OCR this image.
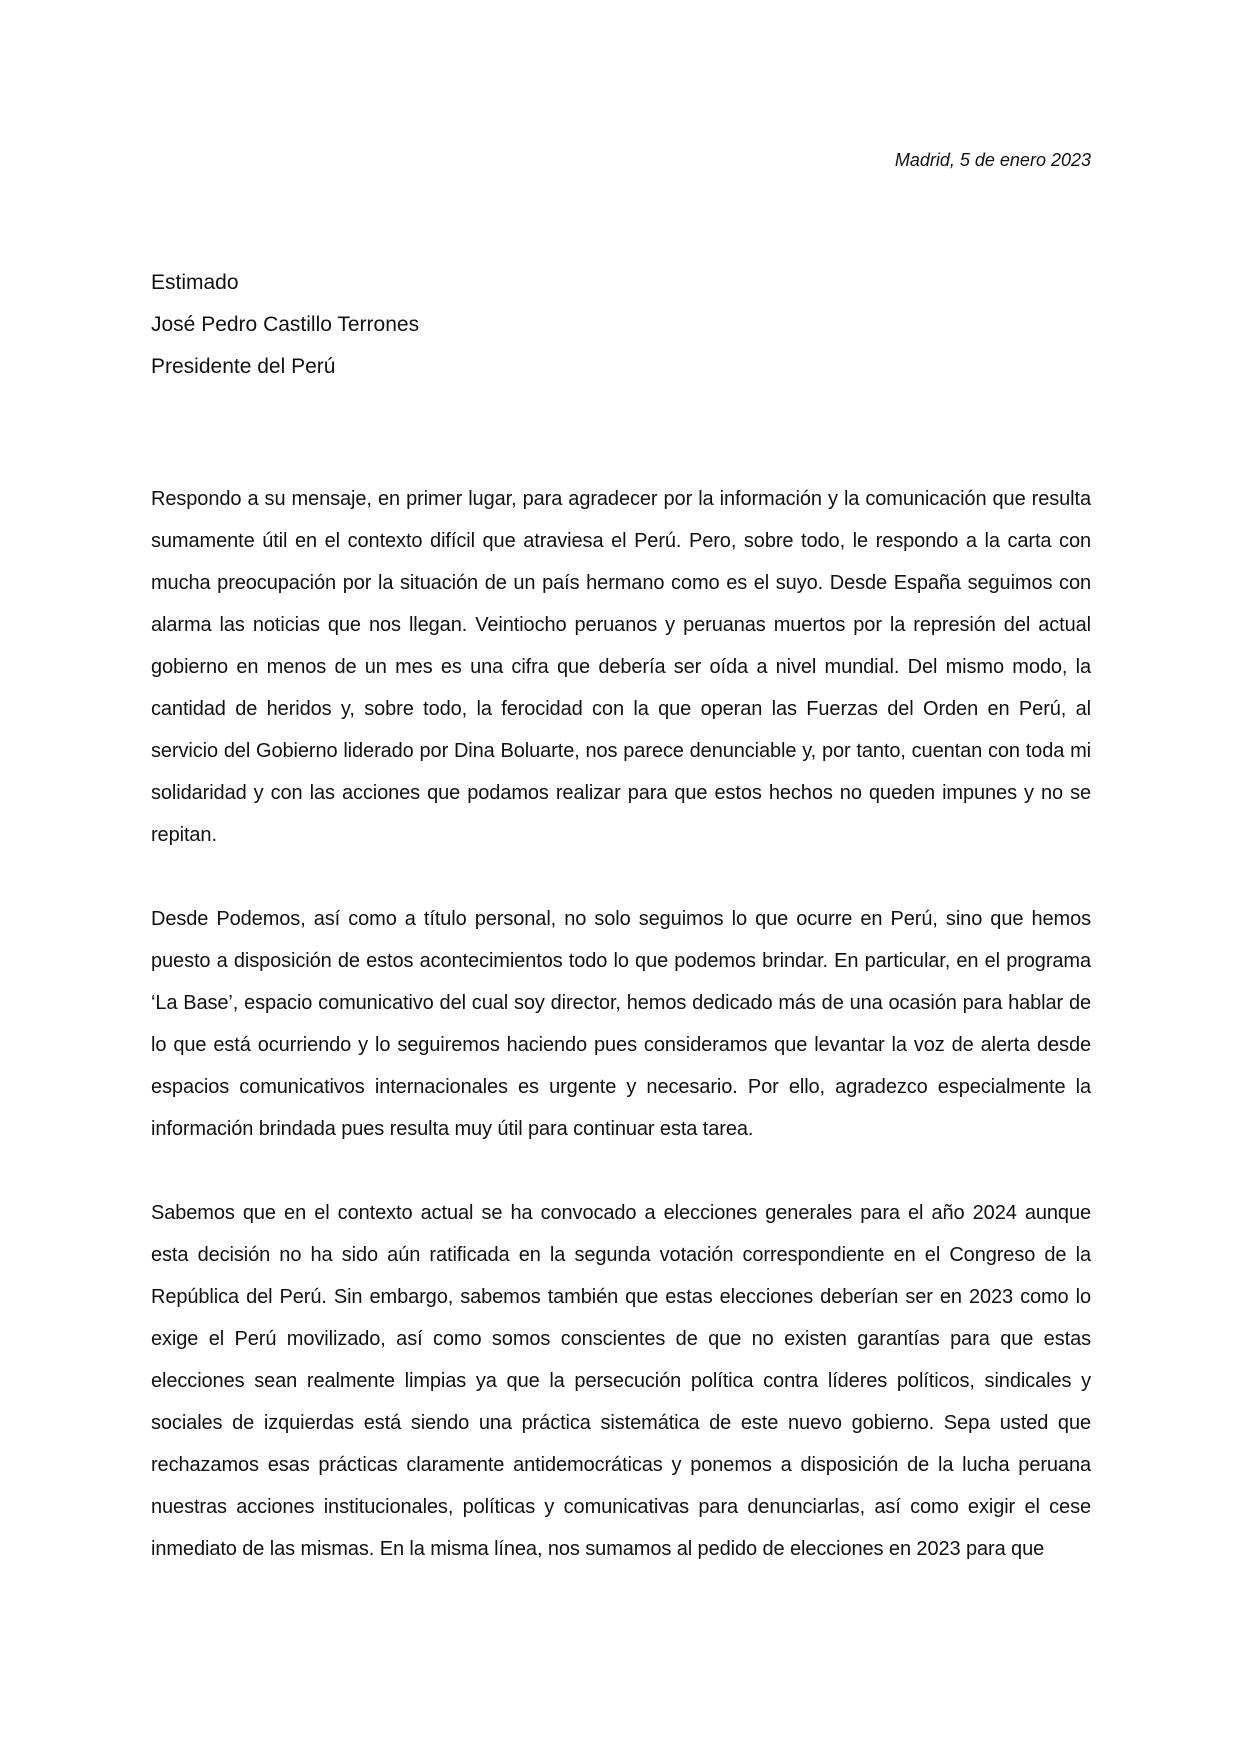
Madrid, 5 de enero 2023
Estimado
José Pedro Castillo Terrones
Presidente del Perú

Respondo a su mensaje, en primer lugar, para agradecer por la información y la comunicación que resulta sumamente útil en el contexto difícil que atraviesa el Perú. Pero, sobre todo, le respondo a la carta con mucha preocupación por la situación de un país hermano como es el suyo. Desde España seguimos con alarma las noticias que nos llegan. Veintiocho peruanos y peruanas muertos por la represión del actual gobierno en menos de un mes es una cifra que debería ser oída a nivel mundial. Del mismo modo, la cantidad de heridos y, sobre todo, la ferocidad con la que operan las Fuerzas del Orden en Perú, al servicio del Gobierno liderado por Dina Boluarte, nos parece denunciable y, por tanto, cuentan con toda mi solidaridad y con las acciones que podamos realizar para que estos hechos no queden impunes y no se repitan.

Desde Podemos, así como a título personal, no solo seguimos lo que ocurre en Perú, sino que hemos puesto a disposición de estos acontecimientos todo lo que podemos brindar. En particular, en el programa ‘La Base’, espacio comunicativo del cual soy director, hemos dedicado más de una ocasión para hablar de lo que está ocurriendo y lo seguiremos haciendo pues consideramos que levantar la voz de alerta desde espacios comunicativos internacionales es urgente y necesario. Por ello, agradezco especialmente la información brindada pues resulta muy útil para continuar esta tarea.

Sabemos que en el contexto actual se ha convocado a elecciones generales para el año 2024 aunque esta decisión no ha sido aún ratificada en la segunda votación correspondiente en el Congreso de la República del Perú. Sin embargo, sabemos también que estas elecciones deberían ser en 2023 como lo exige el Perú movilizado, así como somos conscientes de que no existen garantías para que estas elecciones sean realmente limpias ya que la persecución política contra líderes políticos, sindicales y sociales de izquierdas está siendo una práctica sistemática de este nuevo gobierno. Sepa usted que rechazamos esas prácticas claramente antidemocráticas y ponemos a disposición de la lucha peruana nuestras acciones institucionales, políticas y comunicativas para denunciarlas, así como exigir el cese inmediato de las mismas. En la misma línea, nos sumamos al pedido de elecciones en 2023 para que
